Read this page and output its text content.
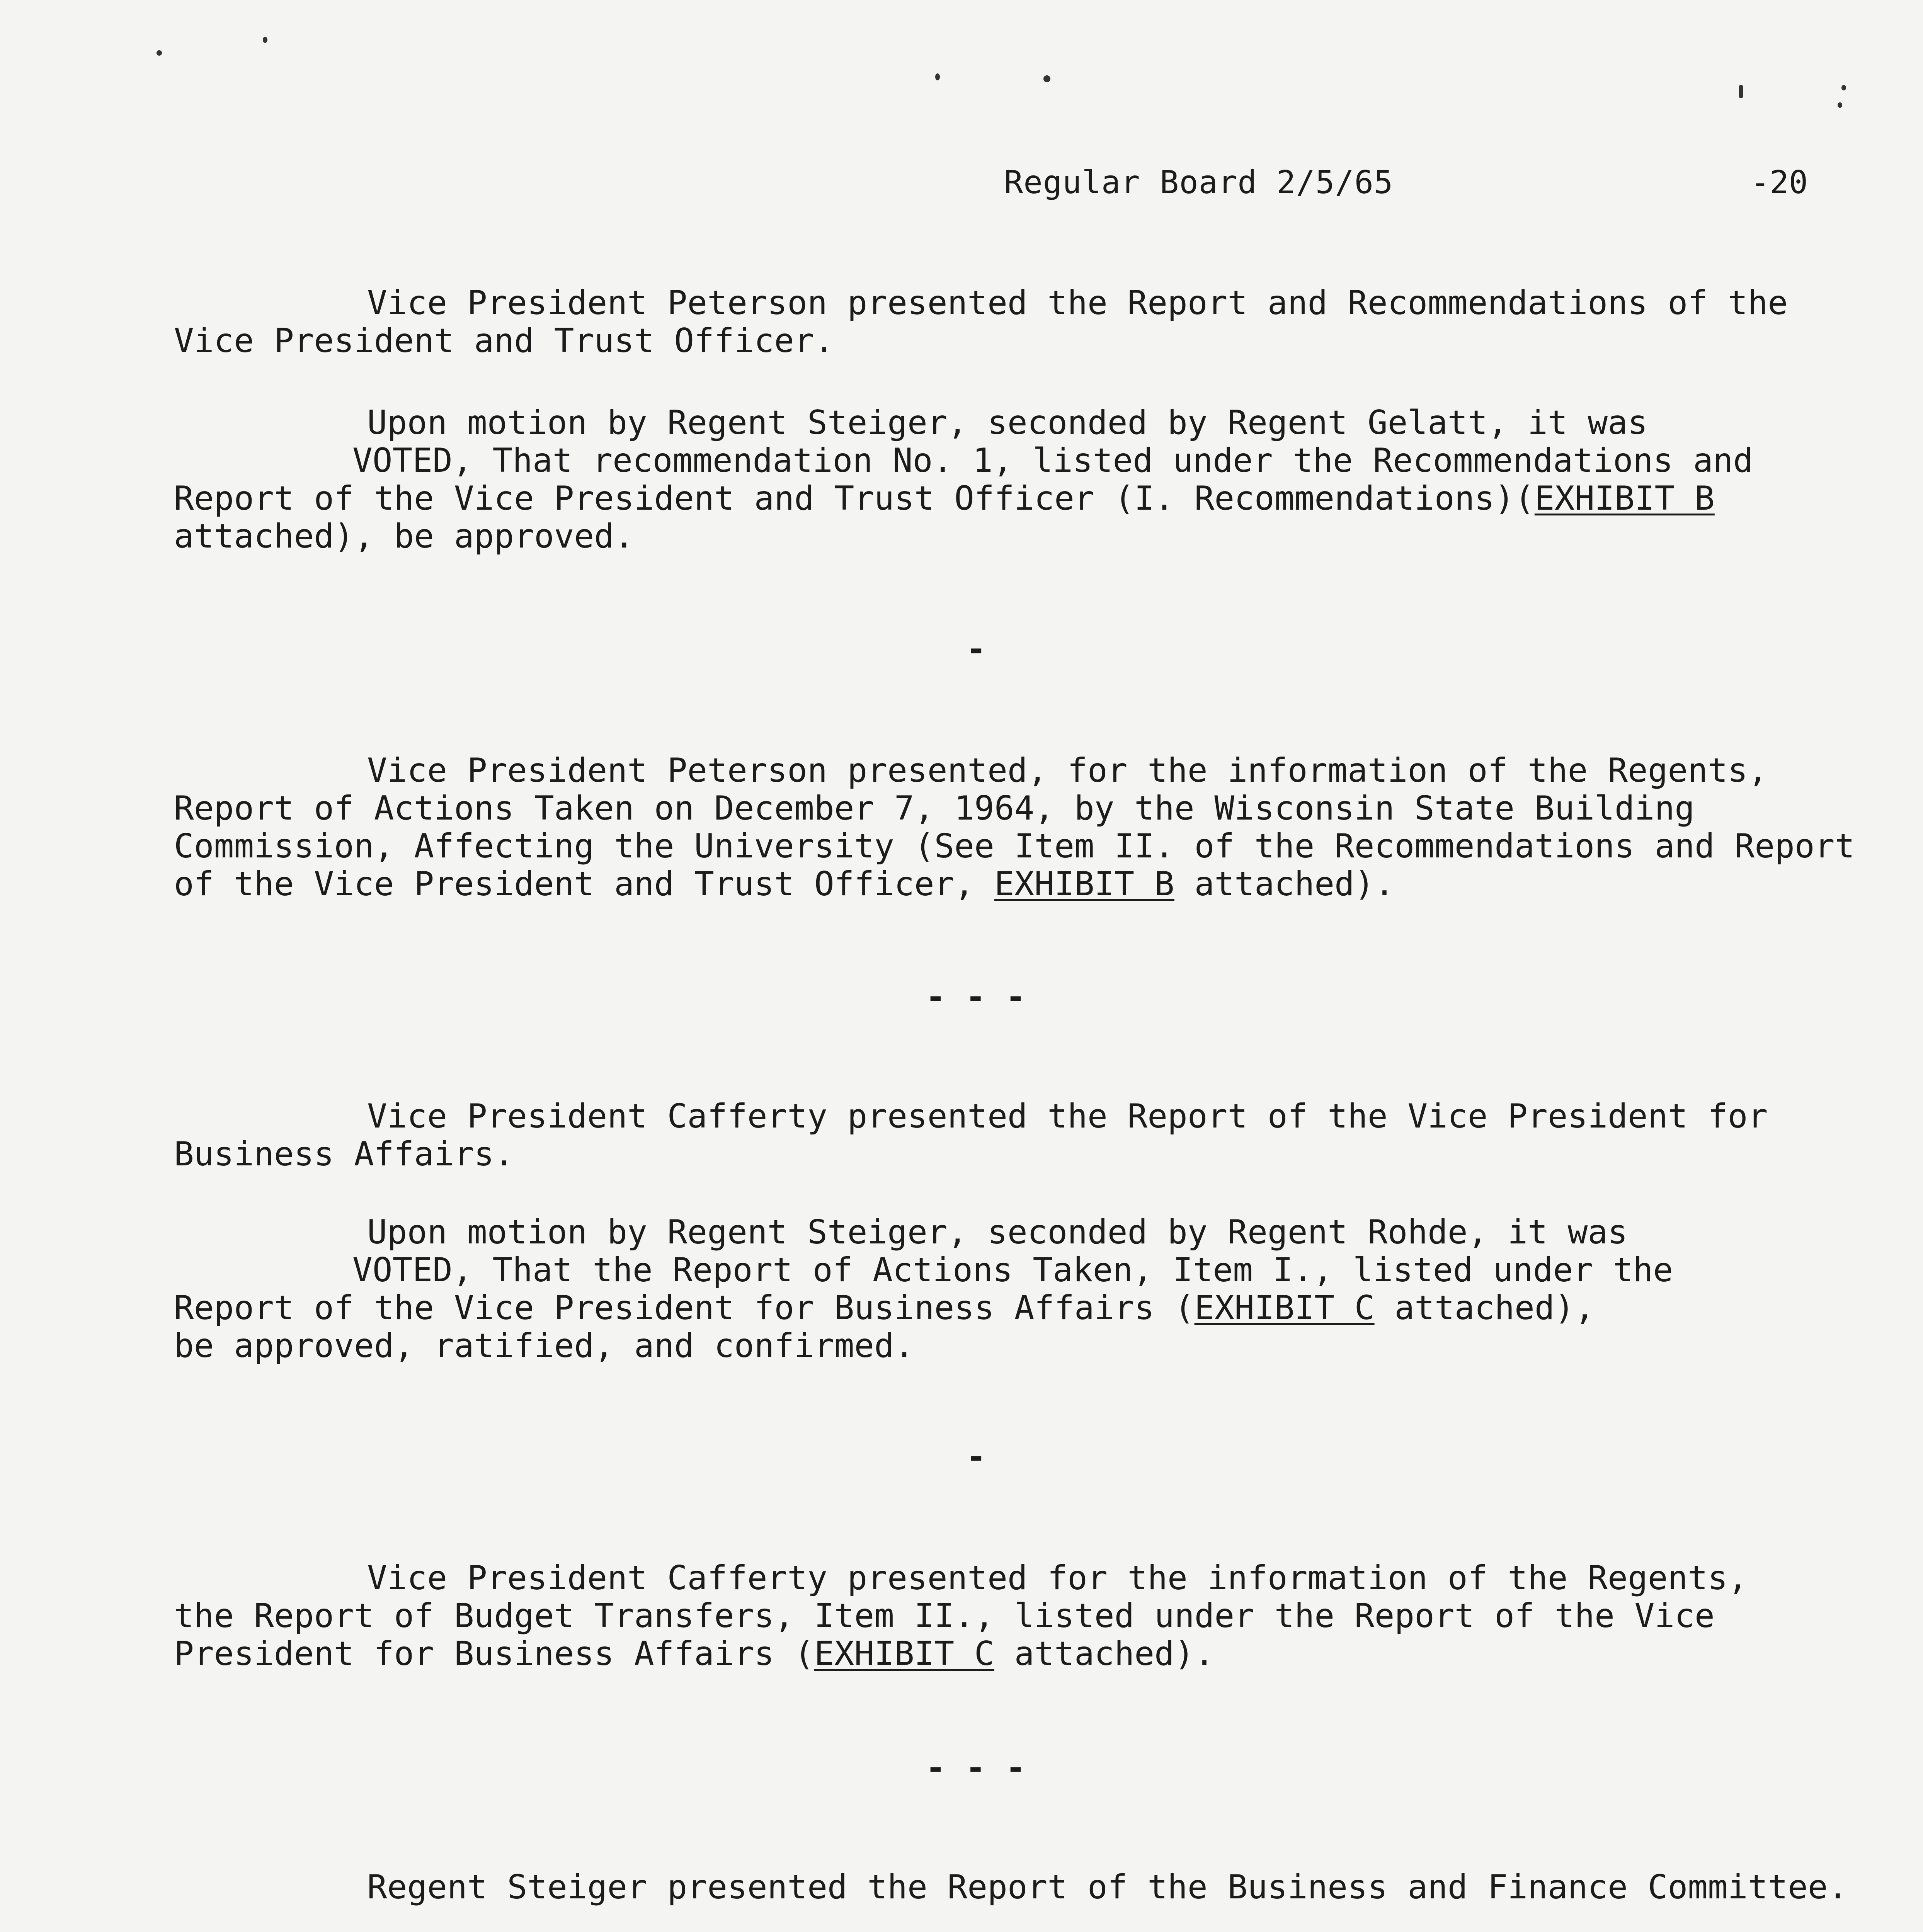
Regular Board 2/5/65	-20

Vice President Peterson presented the Report and Recommendations of the
Vice President and Trust Officer.

Upon motion by Regent Steiger, seconded by Regent Gelatt, it was
VOTED, That recommendation No. 1, listed under the Recommendations and
Report of the Vice President and Trust Officer (I. Recommendations)(EXHIBIT B
attached), be approved.

-

Vice President Peterson presented, for the information of the Regents,
Report of Actions Taken on December 7, 1964, by the Wisconsin State Building
Commission, Affecting the University (See Item II. of the Recommendations and Report
of the Vice President and Trust Officer, EXHIBIT B attached).

- - -

Vice President Cafferty presented the Report of the Vice President for
Business Affairs.

Upon motion by Regent Steiger, seconded by Regent Rohde, it was
VOTED, That the Report of Actions Taken, Item I., listed under the
Report of the Vice President for Business Affairs (EXHIBIT C attached),
be approved, ratified, and confirmed.

-

Vice President Cafferty presented for the information of the Regents,
the Report of Budget Transfers, Item II., listed under the Report of the Vice
President for Business Affairs (EXHIBIT C attached).

- - -

Regent Steiger presented the Report of the Business and Finance Committee.
